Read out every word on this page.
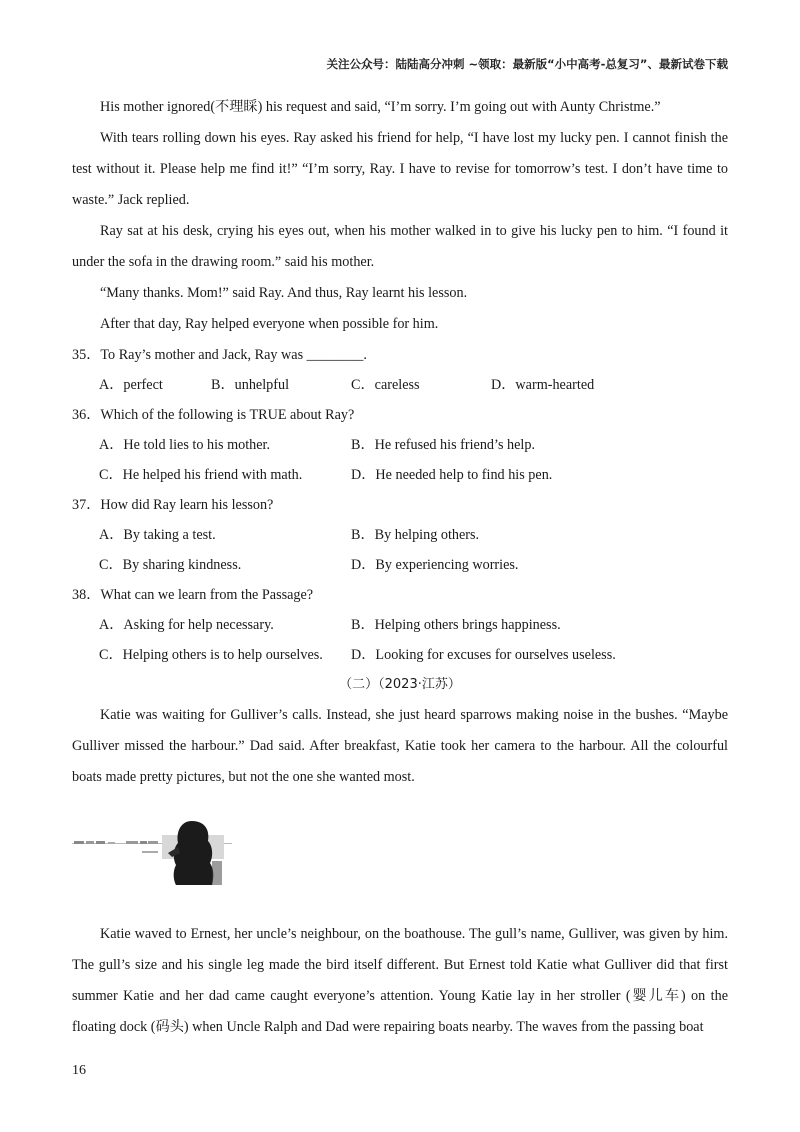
关注公众号：陆陆高分冲刺 ~领取：最新版“小中高考-总复习”、最新试卷下载

His mother ignored(不理睬) his request and said, “I’m sorry. I’m going out with Aunty Christme.”

With tears rolling down his eyes. Ray asked his friend for help, “I have lost my lucky pen. I cannot finish the test without it. Please help me find it!” “I’m sorry, Ray. I have to revise for tomorrow’s test. I don’t have time to waste.” Jack replied.

Ray sat at his desk, crying his eyes out, when his mother walked in to give his lucky pen to him. “I found it under the sofa in the drawing room.” said his mother.

“Many thanks. Mom!” said Ray. And thus, Ray learnt his lesson.

After that day, Ray helped everyone when possible for him.

35．To Ray’s mother and Jack, Ray was ________.

A．perfect	B．unhelpful	C．careless	D．warm-hearted

36．Which of the following is TRUE about Ray?

A．He told lies to his mother.	B．He refused his friend’s help.
C．He helped his friend with math.	D．He needed help to find his pen.

37．How did Ray learn his lesson?

A．By taking a test.	B．By helping others.
C．By sharing kindness.	D．By experiencing worries.

38．What can we learn from the Passage?

A．Asking for help necessary.	B．Helping others brings happiness.
C．Helping others is to help ourselves.	D．Looking for excuses for ourselves useless.

（二）（2023·江苏）

Katie was waiting for Gulliver’s calls. Instead, she just heard sparrows making noise in the bushes. “Maybe Gulliver missed the harbour.” Dad said. After breakfast, Katie took her camera to the harbour. All the colourful boats made pretty pictures, but not the one she wanted most.

Katie waved to Ernest, her uncle’s neighbour, on the boathouse. The gull’s name, Gulliver, was given by him. The gull’s size and his single leg made the bird itself different. But Ernest told Katie what Gulliver did that first summer Katie and her dad came caught everyone’s attention. Young Katie lay in her stroller (婴儿车) on the floating dock (码头) when Uncle Ralph and Dad were repairing boats nearby. The waves from the passing boat

16
